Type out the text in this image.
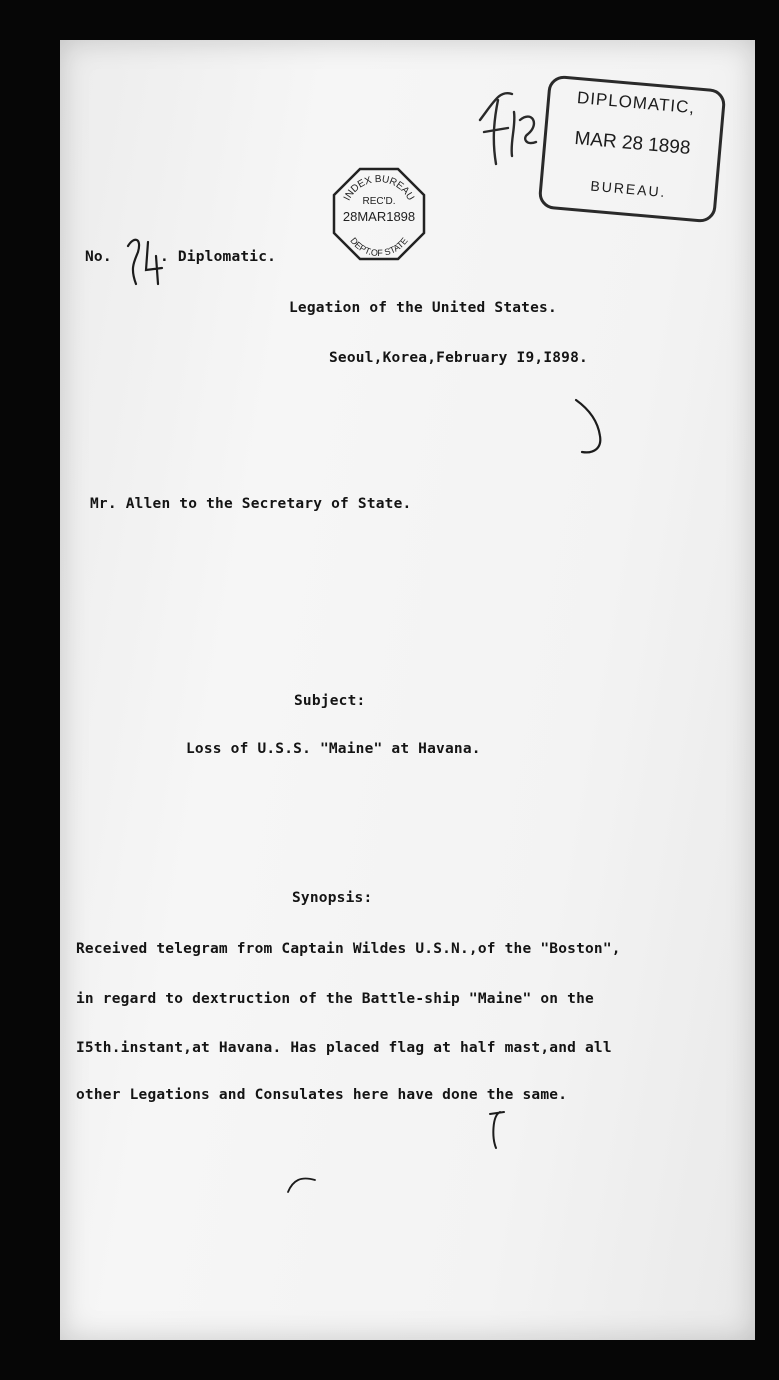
DIPLOMATIC,
MAR 28 1898
BUREAU.
INDEX BUREAU
REC'D.
28MAR1898
DEPT.OF STATE
No.	. Diplomatic.
Legation of the United States.
Seoul,Korea,February I9,I898.
Mr. Allen to the Secretary of State.
Subject:
Loss of U.S.S. "Maine" at Havana.
Synopsis:
Received telegram from Captain Wildes U.S.N.,of the "Boston",
in regard to dextruction of the Battle-ship "Maine" on the
I5th.instant,at Havana. Has placed flag at half mast,and all
other Legations and Consulates here have done the same.
